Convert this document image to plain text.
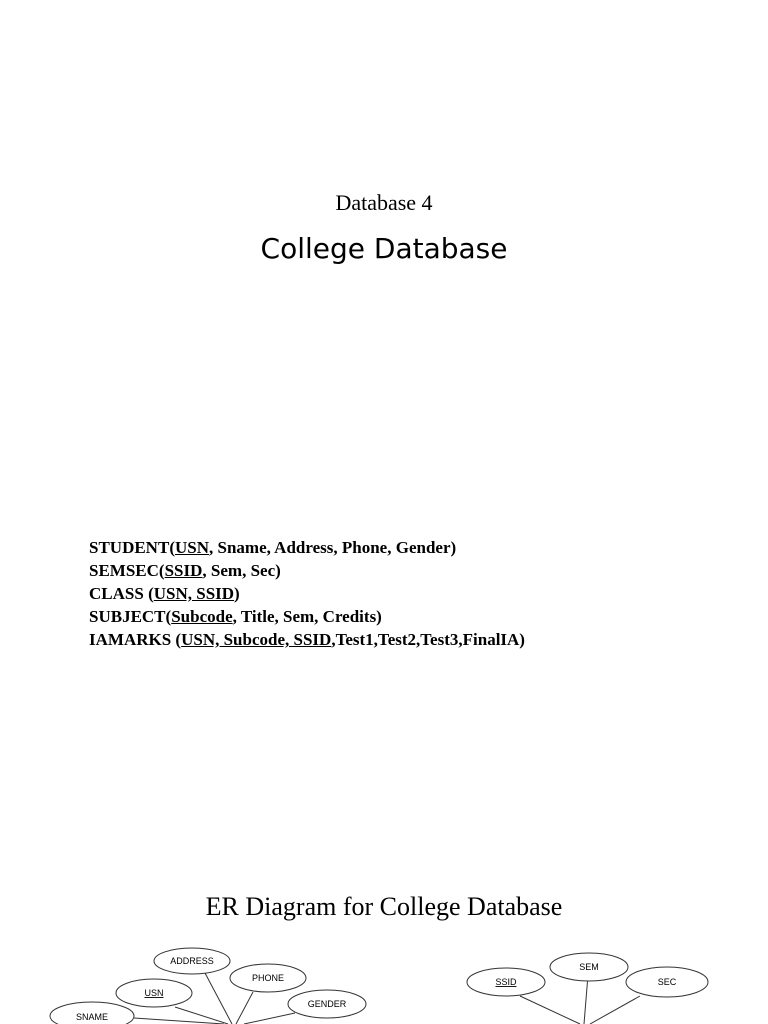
Database 4
College Database
STUDENT(USN, Sname, Address, Phone, Gender)
SEMSEC(SSID, Sem, Sec)
CLASS (USN, SSID)
SUBJECT(Subcode, Title, Sem, Credits)
IAMARKS (USN, Subcode, SSID,Test1,Test2,Test3,FinalIA)
ER Diagram for College Database
ADDRESS
PHONE
USN
GENDER
SNAME
SEM
SSID	SEC
